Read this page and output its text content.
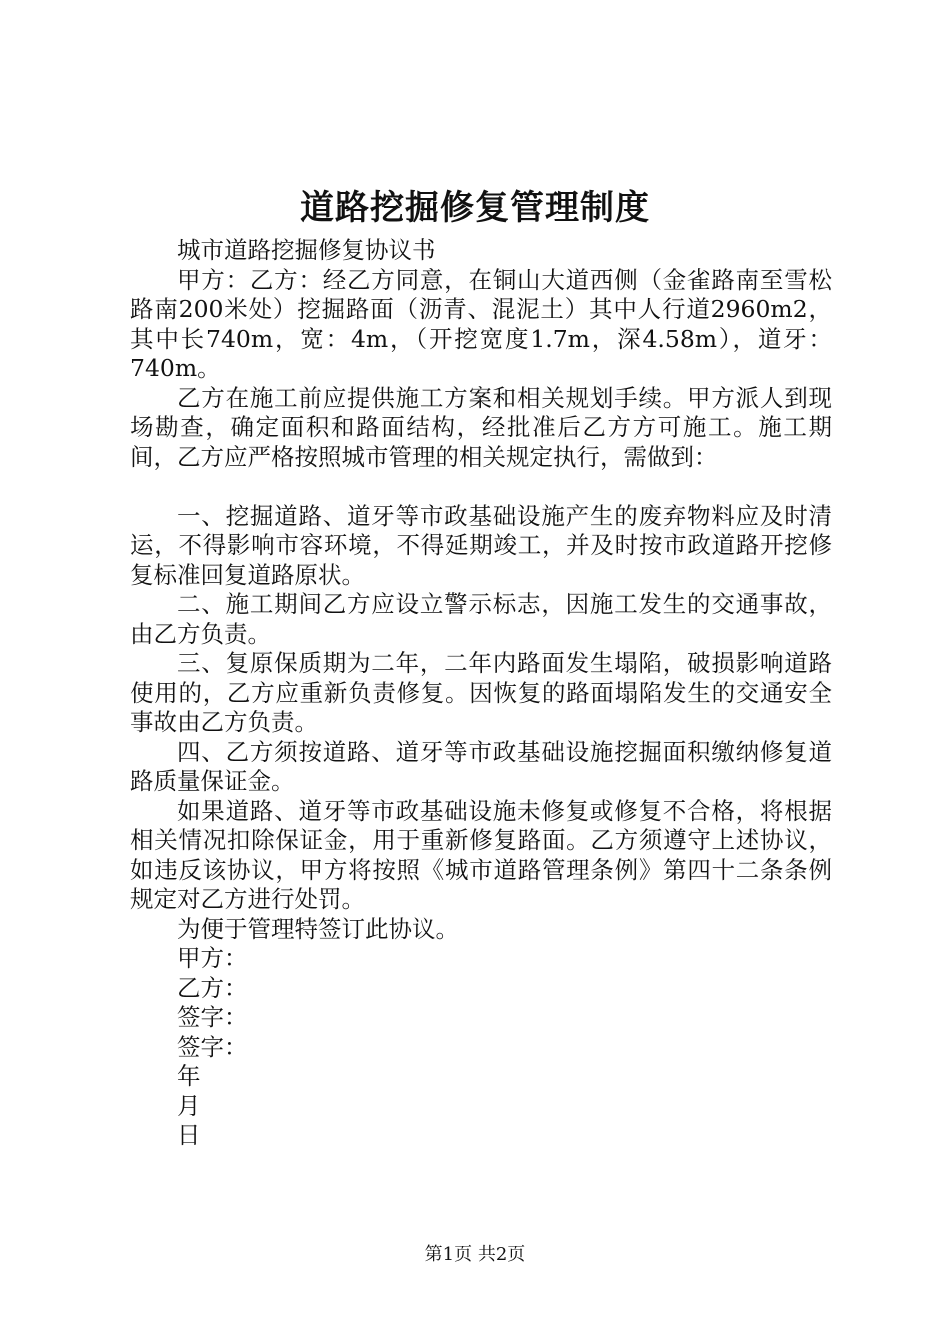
道路挖掘修复管理制度

城市道路挖掘修复协议书

甲方：乙方：经乙方同意，在铜山大道西侧（金雀路南至雪松路南200米处）挖掘路面（沥青、混泥土）其中人行道2960m2，其中长740m，宽：4m，（开挖宽度1.7m，深4.58m），道牙：740m。

乙方在施工前应提供施工方案和相关规划手续。甲方派人到现场勘查，确定面积和路面结构，经批准后乙方方可施工。施工期间，乙方应严格按照城市管理的相关规定执行，需做到：

一、挖掘道路、道牙等市政基础设施产生的废弃物料应及时清运，不得影响市容环境，不得延期竣工，并及时按市政道路开挖修复标准回复道路原状。

二、施工期间乙方应设立警示标志，因施工发生的交通事故，由乙方负责。

三、复原保质期为二年，二年内路面发生塌陷，破损影响道路使用的，乙方应重新负责修复。因恢复的路面塌陷发生的交通安全事故由乙方负责。

四、乙方须按道路、道牙等市政基础设施挖掘面积缴纳修复道路质量保证金。

如果道路、道牙等市政基础设施未修复或修复不合格，将根据相关情况扣除保证金，用于重新修复路面。乙方须遵守上述协议，如违反该协议，甲方将按照《城市道路管理条例》第四十二条条例规定对乙方进行处罚。

为便于管理特签订此协议。

甲方：

乙方：

签字：

签字：

年

月

日

第1页 共2页
